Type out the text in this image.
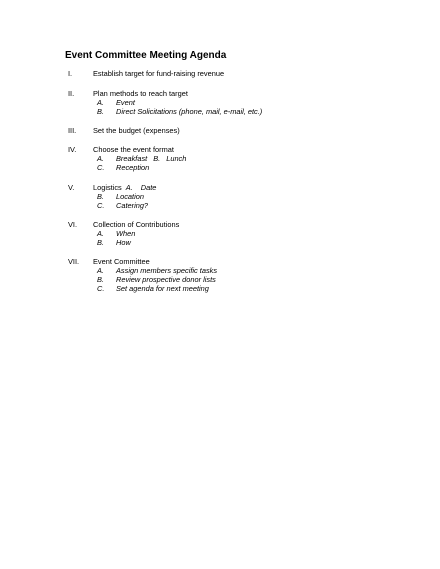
Event Committee Meeting Agenda
I.	Establish target for fund-raising revenue
II.	Plan methods to reach target
A. Event
B. Direct Solicitations (phone, mail, e-mail, etc.)
III. Set the budget (expenses)
IV. Choose the event format
A. Breakfast B. Lunch
C. Reception
V.	Logistics A. Date
B. Location
C. Catering?
VI. Collection of Contributions
A. When
B. How
VII. Event Committee
A. Assign members specific tasks
B. Review prospective donor lists
C. Set agenda for next meeting
